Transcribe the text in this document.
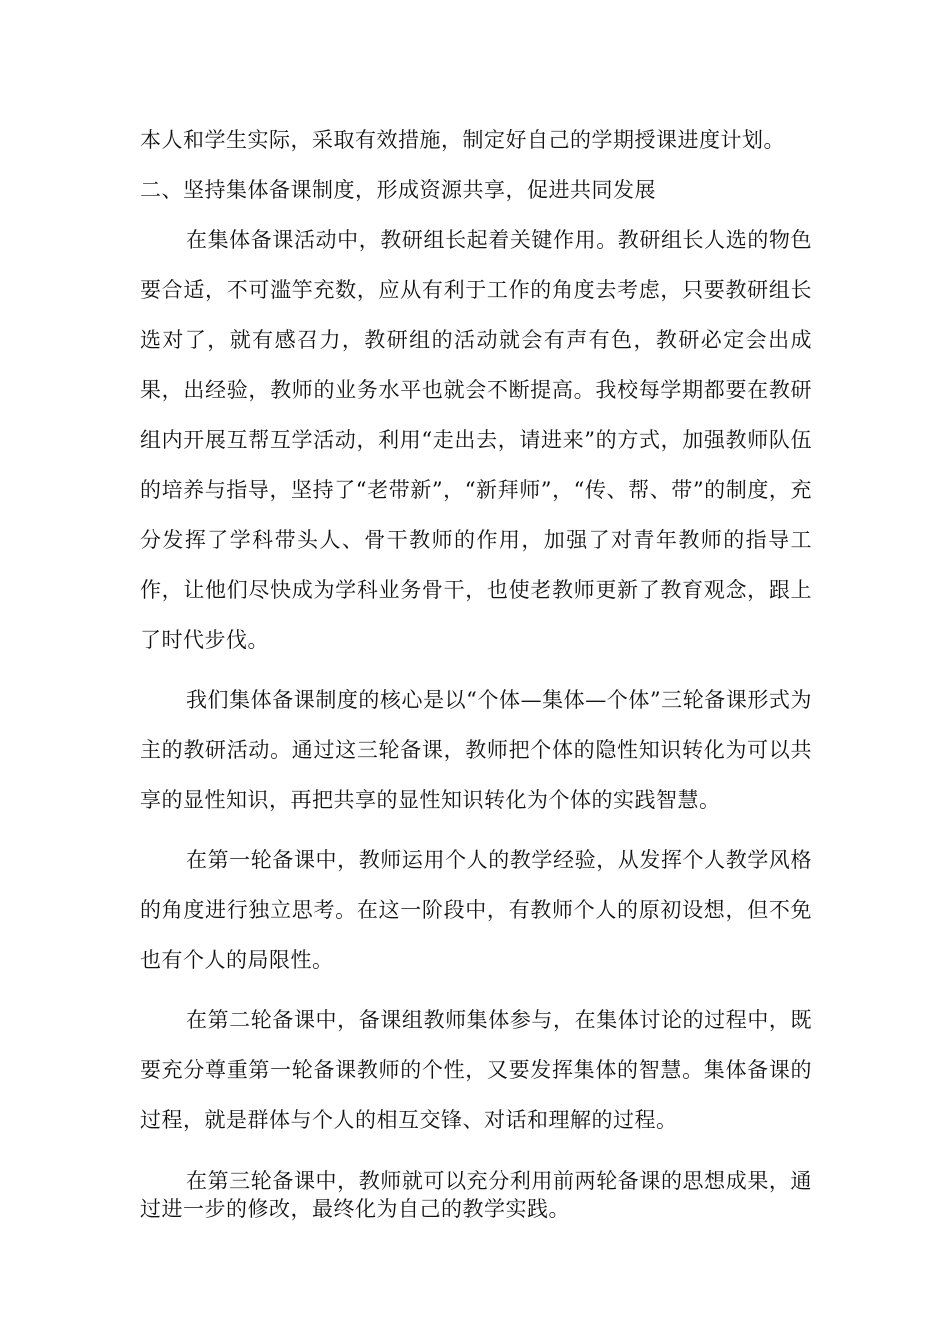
本人和学生实际，采取有效措施，制定好自己的学期授课进度计划。

二、坚持集体备课制度，形成资源共享，促进共同发展

在集体备课活动中，教研组长起着关键作用。教研组长人选的物色要合适，不可滥竽充数，应从有利于工作的角度去考虑，只要教研组长选对了，就有感召力，教研组的活动就会有声有色，教研必定会出成果，出经验，教师的业务水平也就会不断提高。我校每学期都要在教研组内开展互帮互学活动，利用“走出去，请进来”的方式，加强教师队伍的培养与指导，坚持了“老带新”，“新拜师”，“传、帮、带”的制度，充分发挥了学科带头人、骨干教师的作用，加强了对青年教师的指导工作，让他们尽快成为学科业务骨干，也使老教师更新了教育观念，跟上了时代步伐。

我们集体备课制度的核心是以“个体—集体—个体”三轮备课形式为主的教研活动。通过这三轮备课，教师把个体的隐性知识转化为可以共享的显性知识，再把共享的显性知识转化为个体的实践智慧。

在第一轮备课中，教师运用个人的教学经验，从发挥个人教学风格的角度进行独立思考。在这一阶段中，有教师个人的原初设想，但不免也有个人的局限性。

在第二轮备课中，备课组教师集体参与，在集体讨论的过程中，既要充分尊重第一轮备课教师的个性，又要发挥集体的智慧。集体备课的过程，就是群体与个人的相互交锋、对话和理解的过程。

在第三轮备课中，教师就可以充分利用前两轮备课的思想成果，通过进一步的修改，最终化为自己的教学实践。
